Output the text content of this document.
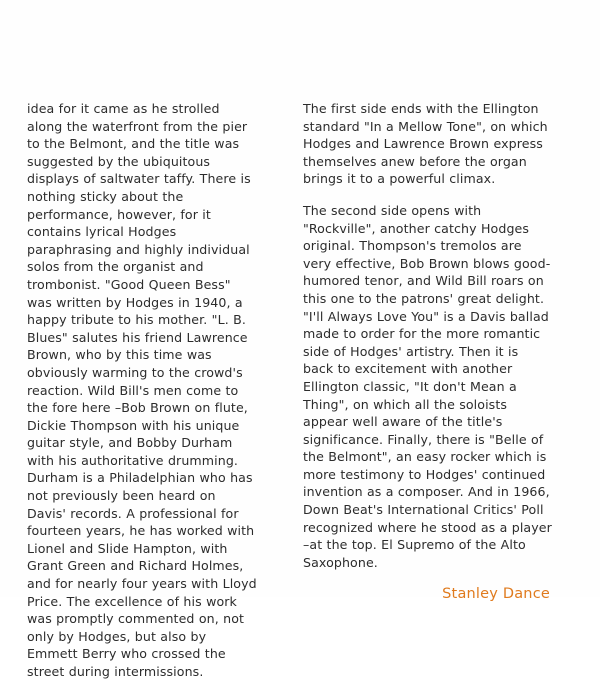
idea for it came as he strolled along the waterfront from the pier to the Belmont, and the title was suggested by the ubiquitous displays of saltwater taffy. There is nothing sticky about the performance, however, for it contains lyrical Hodges paraphrasing and highly individual solos from the organist and trombonist. "Good Queen Bess" was written by Hodges in 1940, a happy tribute to his mother. "L. B. Blues" salutes his friend Lawrence Brown, who by this time was obviously warming to the crowd's reaction. Wild Bill's men come to the fore here –Bob Brown on flute, Dickie Thompson with his unique guitar style, and Bobby Durham with his authoritative drumming. Durham is a Philadelphian who has not previously been heard on Davis' records. A professional for fourteen years, he has worked with Lionel and Slide Hampton, with Grant Green and Richard Holmes, and for nearly four years with Lloyd Price. The excellence of his work was promptly commented on, not only by Hodges, but also by Emmett Berry who crossed the street during intermissions.

The first side ends with the Ellington standard "In a Mellow Tone", on which Hodges and Lawrence Brown express themselves anew before the organ brings it to a powerful climax.

The second side opens with "Rockville", another catchy Hodges original. Thompson's tremolos are very effective, Bob Brown blows good-humored tenor, and Wild Bill roars on this one to the patrons' great delight. "I'll Always Love You" is a Davis ballad made to order for the more romantic side of Hodges' artistry. Then it is back to excitement with another Ellington classic, "It don't Mean a Thing", on which all the soloists appear well aware of the title's significance. Finally, there is "Belle of the Belmont", an easy rocker which is more testimony to Hodges' continued invention as a composer. And in 1966, Down Beat's International Critics' Poll recognized where he stood as a player –at the top. El Supremo of the Alto Saxophone.

Stanley Dance
